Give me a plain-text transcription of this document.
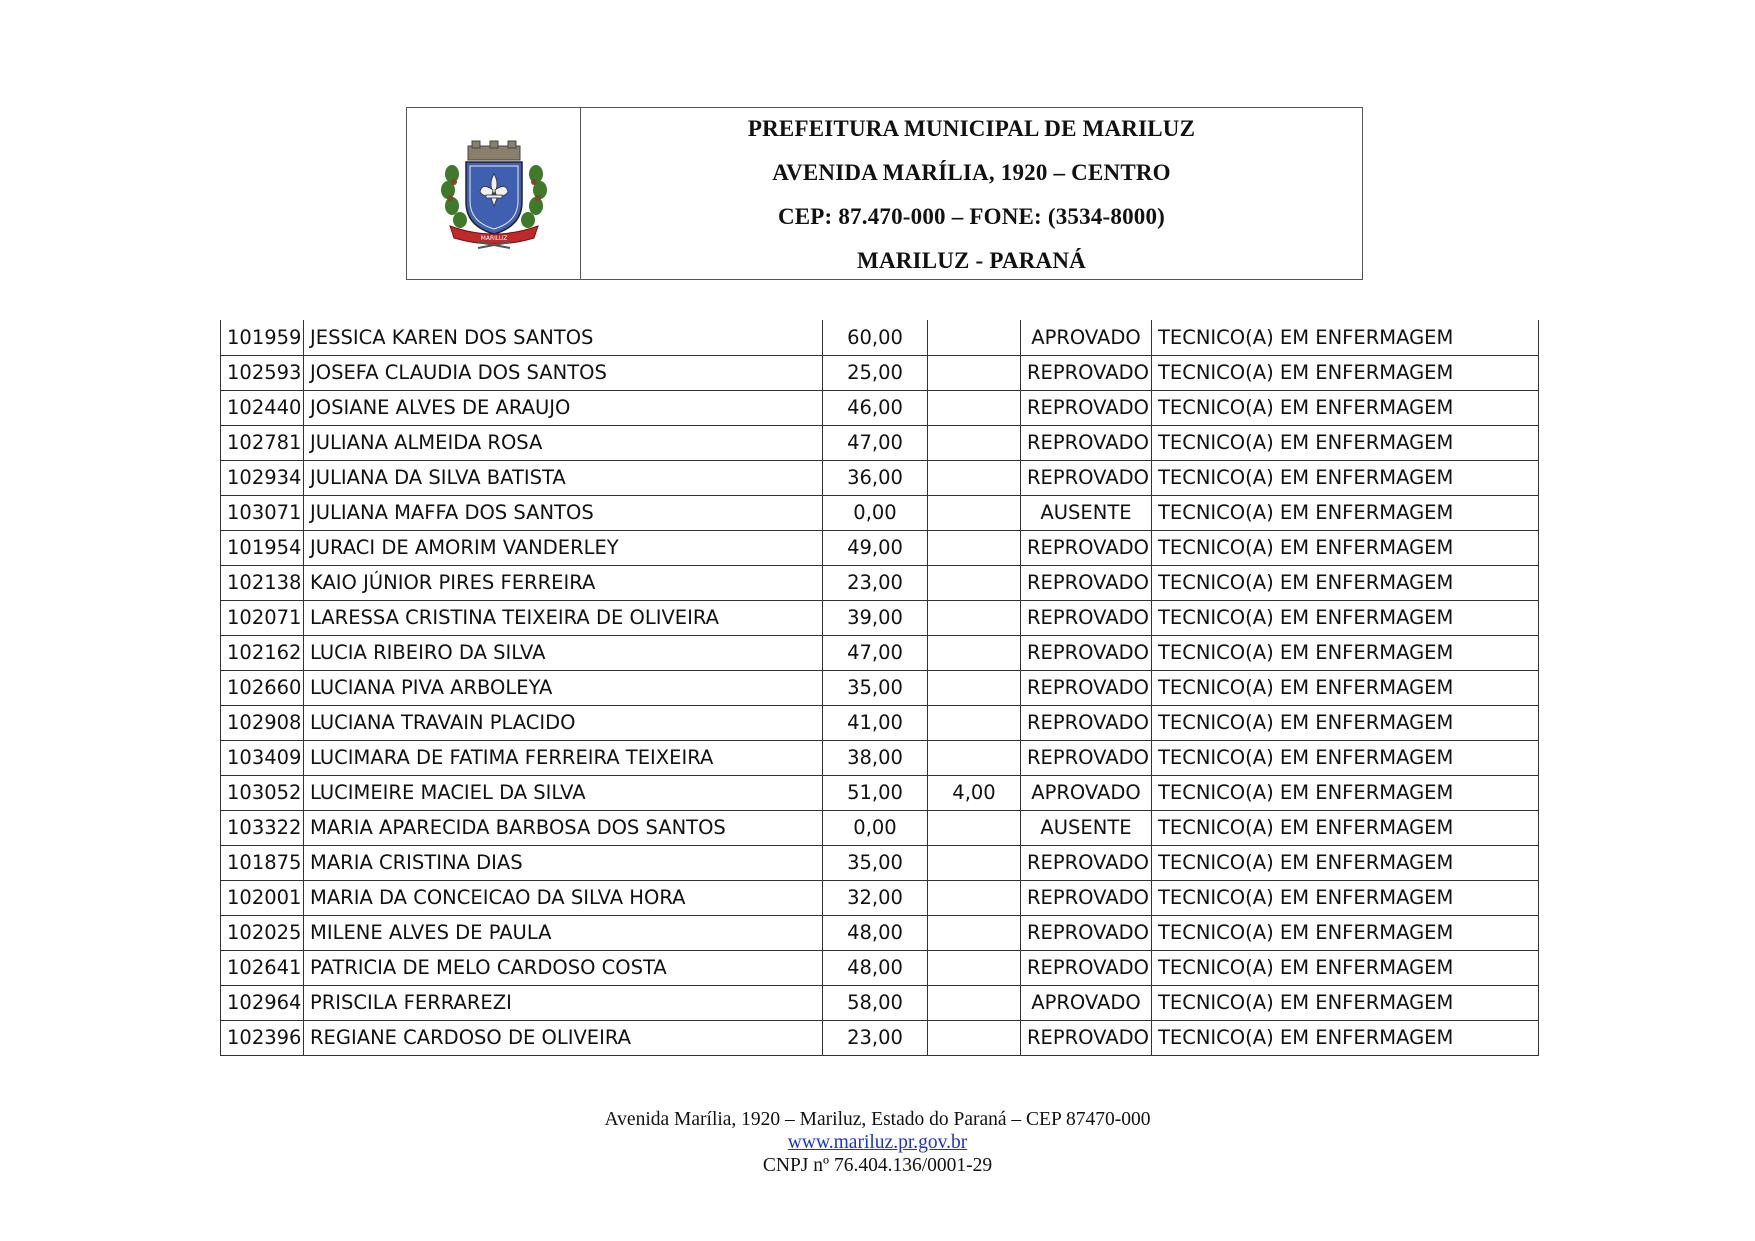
MARILUZ
PREFEITURA MUNICIPAL DE MARILUZ
AVENIDA MARÍLIA, 1920 – CENTRO
CEP: 87.470-000 – FONE: (3534-8000)
MARILUZ - PARANÁ
101959	JESSICA KAREN DOS SANTOS	60,00		APROVADO	TECNICO(A) EM ENFERMAGEM
102593	JOSEFA CLAUDIA DOS SANTOS	25,00		REPROVADO	TECNICO(A) EM ENFERMAGEM
102440	JOSIANE ALVES DE ARAUJO	46,00		REPROVADO	TECNICO(A) EM ENFERMAGEM
102781	JULIANA ALMEIDA ROSA	47,00		REPROVADO	TECNICO(A) EM ENFERMAGEM
102934	JULIANA DA SILVA BATISTA	36,00		REPROVADO	TECNICO(A) EM ENFERMAGEM
103071	JULIANA MAFFA DOS SANTOS	0,00		AUSENTE	TECNICO(A) EM ENFERMAGEM
101954	JURACI DE AMORIM VANDERLEY	49,00		REPROVADO	TECNICO(A) EM ENFERMAGEM
102138	KAIO JÚNIOR PIRES FERREIRA	23,00		REPROVADO	TECNICO(A) EM ENFERMAGEM
102071	LARESSA CRISTINA TEIXEIRA DE OLIVEIRA	39,00		REPROVADO	TECNICO(A) EM ENFERMAGEM
102162	LUCIA RIBEIRO DA SILVA	47,00		REPROVADO	TECNICO(A) EM ENFERMAGEM
102660	LUCIANA PIVA ARBOLEYA	35,00		REPROVADO	TECNICO(A) EM ENFERMAGEM
102908	LUCIANA TRAVAIN PLACIDO	41,00		REPROVADO	TECNICO(A) EM ENFERMAGEM
103409	LUCIMARA DE FATIMA FERREIRA TEIXEIRA	38,00		REPROVADO	TECNICO(A) EM ENFERMAGEM
103052	LUCIMEIRE MACIEL DA SILVA	51,00	4,00	APROVADO	TECNICO(A) EM ENFERMAGEM
103322	MARIA APARECIDA BARBOSA DOS SANTOS	0,00		AUSENTE	TECNICO(A) EM ENFERMAGEM
101875	MARIA CRISTINA DIAS	35,00		REPROVADO	TECNICO(A) EM ENFERMAGEM
102001	MARIA DA CONCEICAO DA SILVA HORA	32,00		REPROVADO	TECNICO(A) EM ENFERMAGEM
102025	MILENE ALVES DE PAULA	48,00		REPROVADO	TECNICO(A) EM ENFERMAGEM
102641	PATRICIA DE MELO CARDOSO COSTA	48,00		REPROVADO	TECNICO(A) EM ENFERMAGEM
102964	PRISCILA FERRAREZI	58,00		APROVADO	TECNICO(A) EM ENFERMAGEM
102396	REGIANE CARDOSO DE OLIVEIRA	23,00		REPROVADO	TECNICO(A) EM ENFERMAGEM
Avenida Marília, 1920 – Mariluz, Estado do Paraná – CEP 87470-000
www.mariluz.pr.gov.br
CNPJ nº 76.404.136/0001-29
